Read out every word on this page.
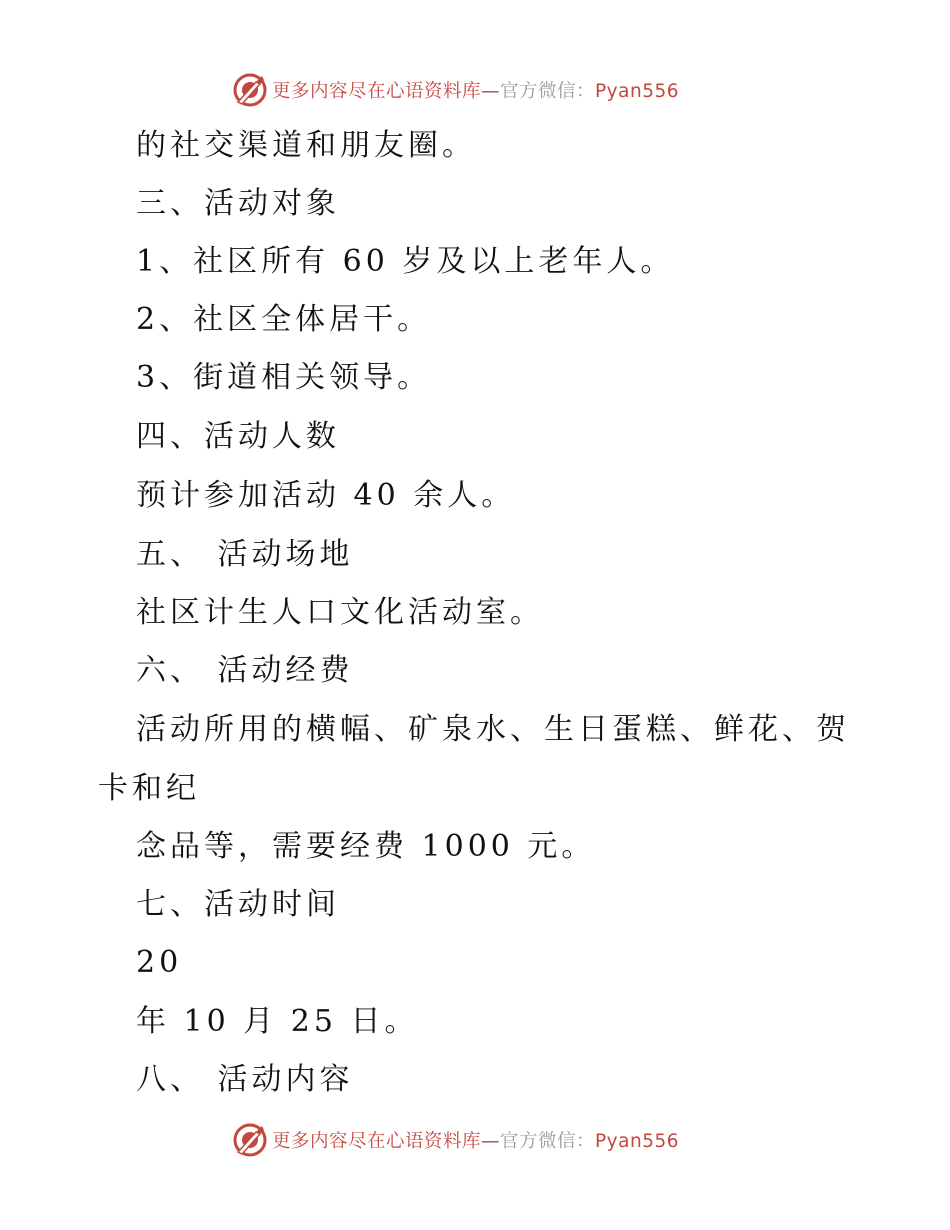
更多内容尽在心语资料库—官方微信：Pyan556
的社交渠道和朋友圈。
三、活动对象
1、社区所有 60 岁及以上老年人。
2、社区全体居干。
3、街道相关领导。
四、活动人数
预计参加活动 40 余人。
五、 活动场地
社区计生人口文化活动室。
六、 活动经费
活动所用的横幅、矿泉水、生日蛋糕、鲜花、贺
卡和纪
念品等，需要经费 1000 元。
七、活动时间
20
年 10 月 25 日。
八、 活动内容
更多内容尽在心语资料库—官方微信：Pyan556
